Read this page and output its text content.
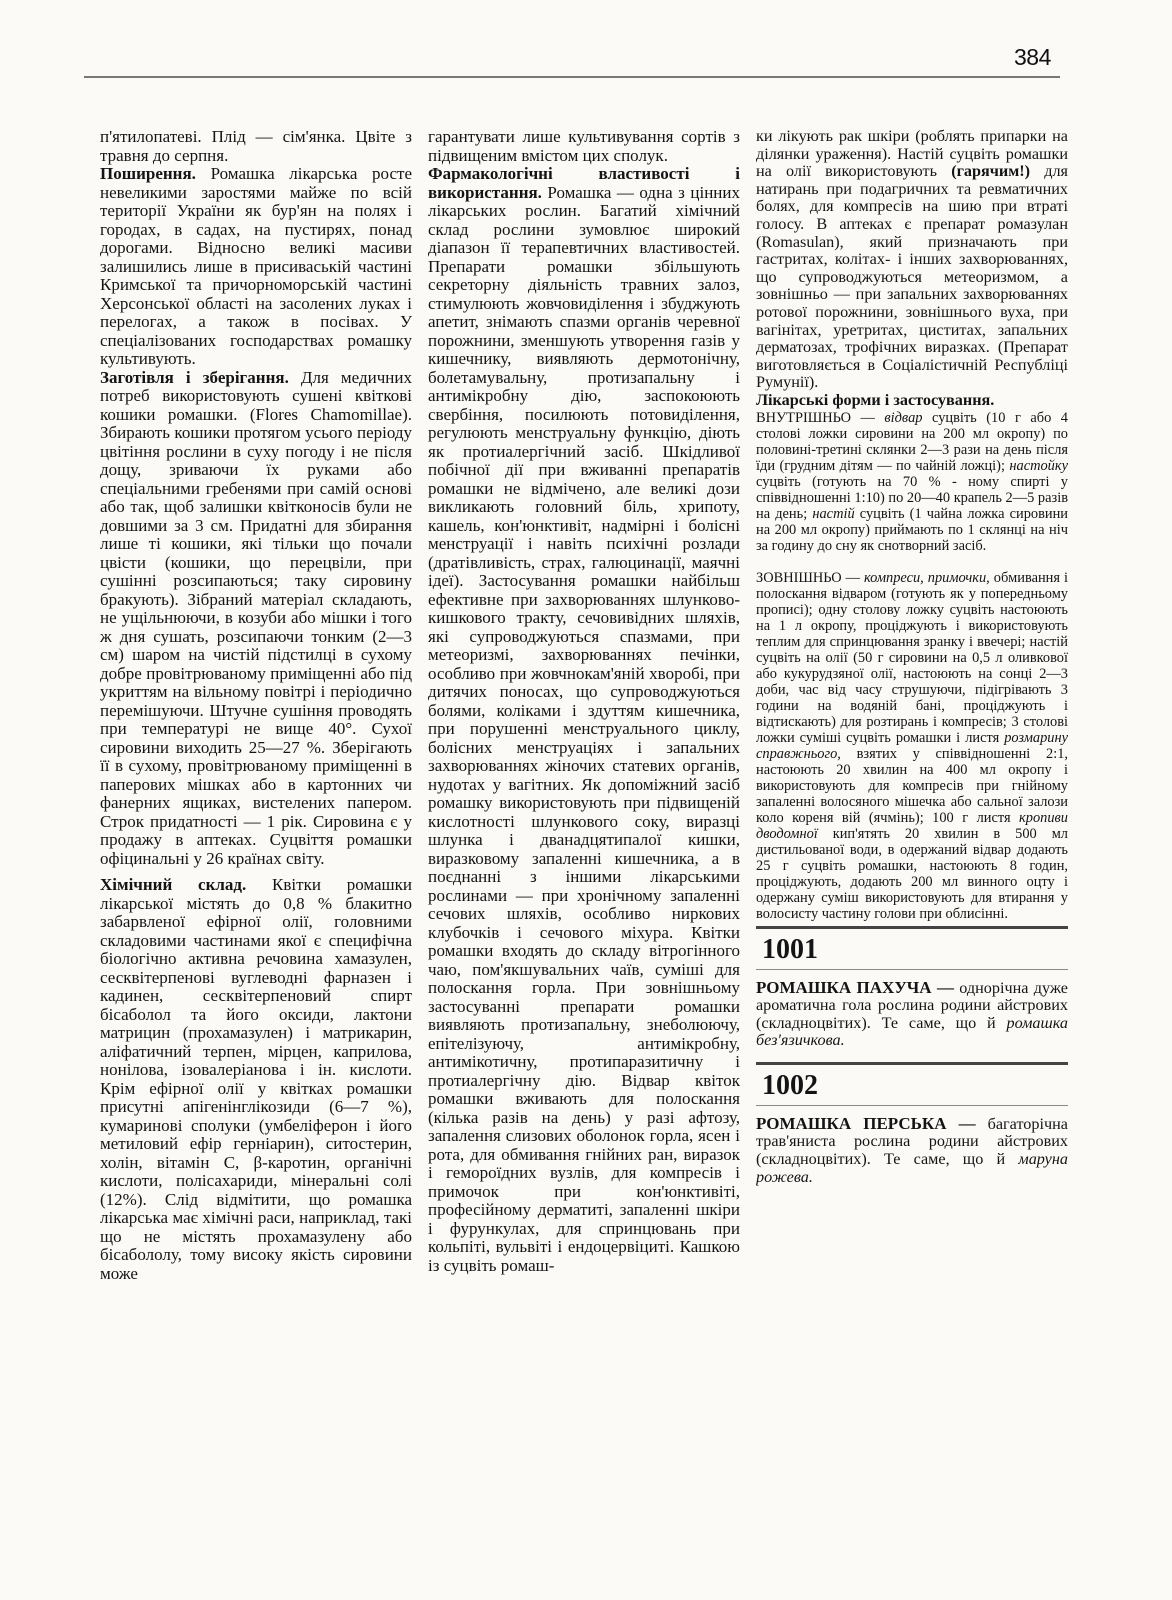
384

п'ятилопатеві. Плід — сім'янка. Цвіте з травня до серпня.

Поширення. Ромашка лікарська росте невеликими заростями майже по всій території України як бур'ян на полях і городах, в садах, на пустирях, понад дорогами. Відносно великі масиви залишились лише в присиваській частині Кримської та причорноморській частині Херсонської області на засолених луках і перелогах, а також в посівах. У спеціалізованих господарствах ромашку культивують.

Заготівля і зберігання. Для медичних потреб використовують сушені квіткові кошики ромашки. (Flores Chamomillae). Збирають кошики протягом усього періоду цвітіння рослини в суху погоду і не після дощу, зриваючи їх руками або спеціальними гребенями при самій основі або так, щоб залишки квітконосів були не довшими за 3 см. Придатні для збирання лише ті кошики, які тільки що почали цвісти (кошики, що перецвіли, при сушінні розсипаються; таку сировину бракують). Зібраний матеріал складають, не ущільнюючи, в козуби або мішки і того ж дня сушать, розсипаючи тонким (2—3 см) шаром на чистій підстилці в сухому добре провітрюваному приміщенні або під укриттям на вільному повітрі і періодично перемішуючи. Штучне сушіння проводять при температурі не вище 40°. Сухої сировини виходить 25—27 %. Зберігають її в сухому, провітрюваному приміщенні в паперових мішках або в картонних чи фанерних ящиках, вистелених папером. Строк придатності — 1 рік. Сировина є у продажу в аптеках. Суцвіття ромашки офіцинальні у 26 країнах світу.

Хімічний склад. Квітки ромашки лікарської містять до 0,8 % блакитно забарвленої ефірної олії, головними складовими частинами якої є специфічна біологічно активна речовина хамазулен, сесквітерпенові вуглеводні фарназен і кадинен, сесквітерпеновий спирт бісаболол та його оксиди, лактони матрицин (прохамазулен) і матрикарин, аліфатичний терпен, мірцен, каприлова, нонілова, ізовалеріанова і ін. кислоти. Крім ефірної олії у квітках ромашки присутні апігенінглікозиди (6—7 %), кумаринові сполуки (умбеліферон і його метиловий ефір герніарин), ситостерин, холін, вітамін С, β-каротин, органічні кислоти, полісахариди, мінеральні солі (12%). Слід відмітити, що ромашка лікарська має хімічні раси, наприклад, такі що не містять прохамазулену або бісабололу, тому високу якість сировини може

гарантувати лише культивування сортів з підвищеним вмістом цих сполук.

Фармакологічні властивості і використання. Ромашка — одна з цінних лікарських рослин. Багатий хімічний склад рослини зумовлює широкий діапазон її терапевтичних властивостей. Препарати ромашки збільшують секреторну діяльність травних залоз, стимулюють жовчовиділення і збуджують апетит, знімають спазми органів черевної порожнини, зменшують утворення газів у кишечнику, виявляють дермотонічну, болетамувальну, протизапальну і антимікробну дію, заспокоюють свербіння, посилюють потовиділення, регулюють менструальну функцію, діють як протиалергічний засіб. Шкідливої побічної дії при вживанні препаратів ромашки не відмічено, але великі дози викликають головний біль, хрипоту, кашель, кон'юнктивіт, надмірні і болісні менструації і навіть психічні розлади (дратівливість, страх, галюцинації, маячні ідеї). Застосування ромашки найбільш ефективне при захворюваннях шлунково-кишкового тракту, сечовивідних шляхів, які супроводжуються спазмами, при метеоризмі, захворюваннях печінки, особливо при жовчнокам'яній хворобі, при дитячих поносах, що супроводжуються болями, коліками і здуттям кишечника, при порушенні менструального циклу, болісних менструаціях і запальних захворюваннях жіночих статевих органів, нудотах у вагітних. Як допоміжний засіб ромашку використовують при підвищеній кислотності шлункового соку, виразці шлунка і дванадцятипалої кишки, виразковому запаленні кишечника, а в поєднанні з іншими лікарськими рослинами — при хронічному запаленні сечових шляхів, особливо ниркових клубочків і сечового міхура. Квітки ромашки входять до складу вітрогінного чаю, пом'якшувальних чаїв, суміші для полоскання горла. При зовнішньому застосуванні препарати ромашки виявляють протизапальну, знеболюючу, епітелізуючу, антимікробну, антимікотичну, протипаразитичну і протиалергічну дію. Відвар квіток ромашки вживають для полоскання (кілька разів на день) у разі афтозу, запалення слизових оболонок горла, ясен і рота, для обмивання гнійних ран, виразок і геморoїдних вузлів, для компресів і примочок при кон'юнктивіті, професійному дерматиті, запаленні шкіри і фурункулах, для спринцювань при кольпіті, вульвіті і ендоцервіциті. Кашкою із суцвіть ромаш-

ки лікують рак шкіри (роблять припарки на ділянки ураження). Настій суцвіть ромашки на олії використовують (гарячим!) для натирань при подагричних та ревматичних болях, для компресів на шию при втраті голосу. В аптеках є препарат ромазулан (Romasulan), який призначають при гастритах, колітах- і інших захворюваннях, що супроводжуються метеоризмом, а зовнішньо — при запальних захворюваннях ротової порожнини, зовнішнього вуха, при вагінітах, уретритах, циститах, запальних дерматозах, трофічних виразках. (Препарат виготовляється в Соціалістичній Республіці Румунії).

Лікарські форми і застосування.

ВНУТРІШНЬО — відвар суцвіть (10 г або 4 столові ложки сировини на 200 мл окропу) по половині-третині склянки 2—3 рази на день після їди (грудним дітям — по чайній ложці); настойку суцвіть (готують на 70 % - ному спирті у співвідношенні 1:10) по 20—40 крапель 2—5 разів на день; настій суцвіть (1 чайна ложка сировини на 200 мл окропу) приймають по 1 склянці на ніч за годину до сну як снотворний засіб.

ЗОВНІШНЬО — компреси, примочки, обмивання і полоскання відваром (готують як у попередньому прописі); одну столову ложку суцвіть настоюють на 1 л окропу, проціджують і використовують теплим для спринцювання зранку і ввечері; настій суцвіть на олії (50 г сировини на 0,5 л оливкової або кукурудзяної олії, настоюють на сонці 2—3 доби, час від часу струшуючи, підігрівають 3 години на водяній бані, проціджують і відтискають) для розтирань і компресів; 3 столові ложки суміші суцвіть ромашки і листя розмарину справжнього, взятих у співвідношенні 2:1, настоюють 20 хвилин на 400 мл окропу і використовують для компресів при гнійному запаленні волосяного мішечка або сальної залози коло кореня вій (ячмінь); 100 г листя кропиви дводомної кип'ятять 20 хвилин в 500 мл дистильованої води, в одержаний відвар додають 25 г суцвіть ромашки, настоюють 8 годин, проціджують, додають 200 мл винного оцту і одержану суміш використовують для втирання у волосисту частину голови при облисінні.

1001

РОМАШКА ПАХУЧА — однорічна дуже ароматична гола рослина родини айстрових (складноцвітих). Те саме, що й ромашка без'язичкова.

1002

РОМАШКА ПЕРСЬКА — багаторічна трав'яниста рослина родини айстрових (складноцвітих). Те саме, що й маруна рожева.
